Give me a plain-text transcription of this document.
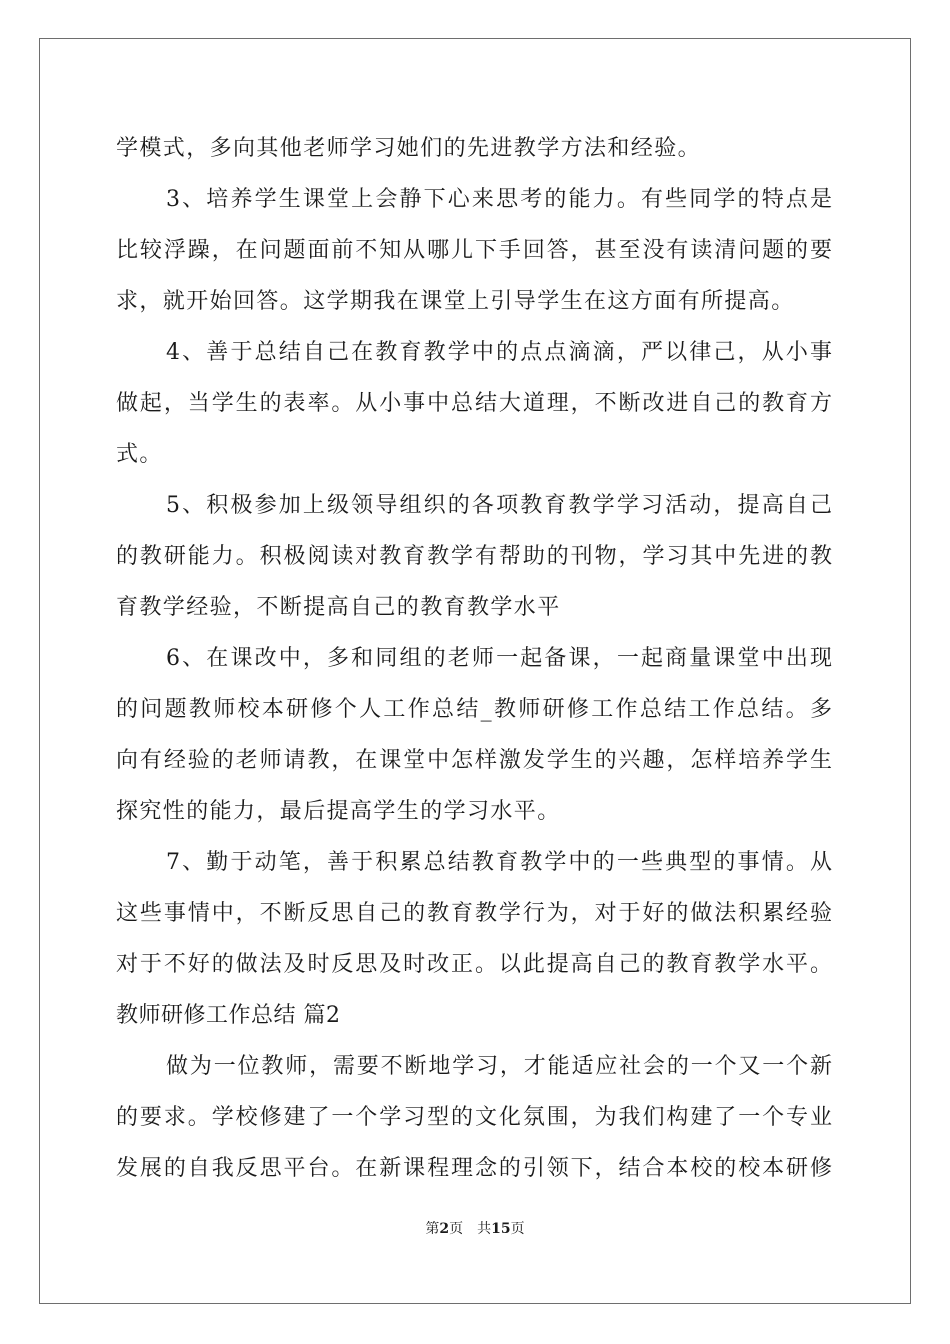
学模式，多向其他老师学习她们的先进教学方法和经验。
3、培养学生课堂上会静下心来思考的能力。有些同学的特点是
比较浮躁，在问题面前不知从哪儿下手回答，甚至没有读清问题的要
求，就开始回答。这学期我在课堂上引导学生在这方面有所提高。
4、善于总结自己在教育教学中的点点滴滴，严以律己，从小事
做起，当学生的表率。从小事中总结大道理，不断改进自己的教育方
式。
5、积极参加上级领导组织的各项教育教学学习活动，提高自己
的教研能力。积极阅读对教育教学有帮助的刊物，学习其中先进的教
育教学经验，不断提高自己的教育教学水平
6、在课改中，多和同组的老师一起备课，一起商量课堂中出现
的问题教师校本研修个人工作总结_教师研修工作总结工作总结。多
向有经验的老师请教，在课堂中怎样激发学生的兴趣，怎样培养学生
探究性的能力，最后提高学生的学习水平。
7、勤于动笔，善于积累总结教育教学中的一些典型的事情。从
这些事情中，不断反思自己的教育教学行为，对于好的做法积累经验
对于不好的做法及时反思及时改正。以此提高自己的教育教学水平。
教师研修工作总结 篇2
做为一位教师，需要不断地学习，才能适应社会的一个又一个新
的要求。学校修建了一个学习型的文化氛围，为我们构建了一个专业
发展的自我反思平台。在新课程理念的引领下，结合本校的校本研修
第2页 共15页
